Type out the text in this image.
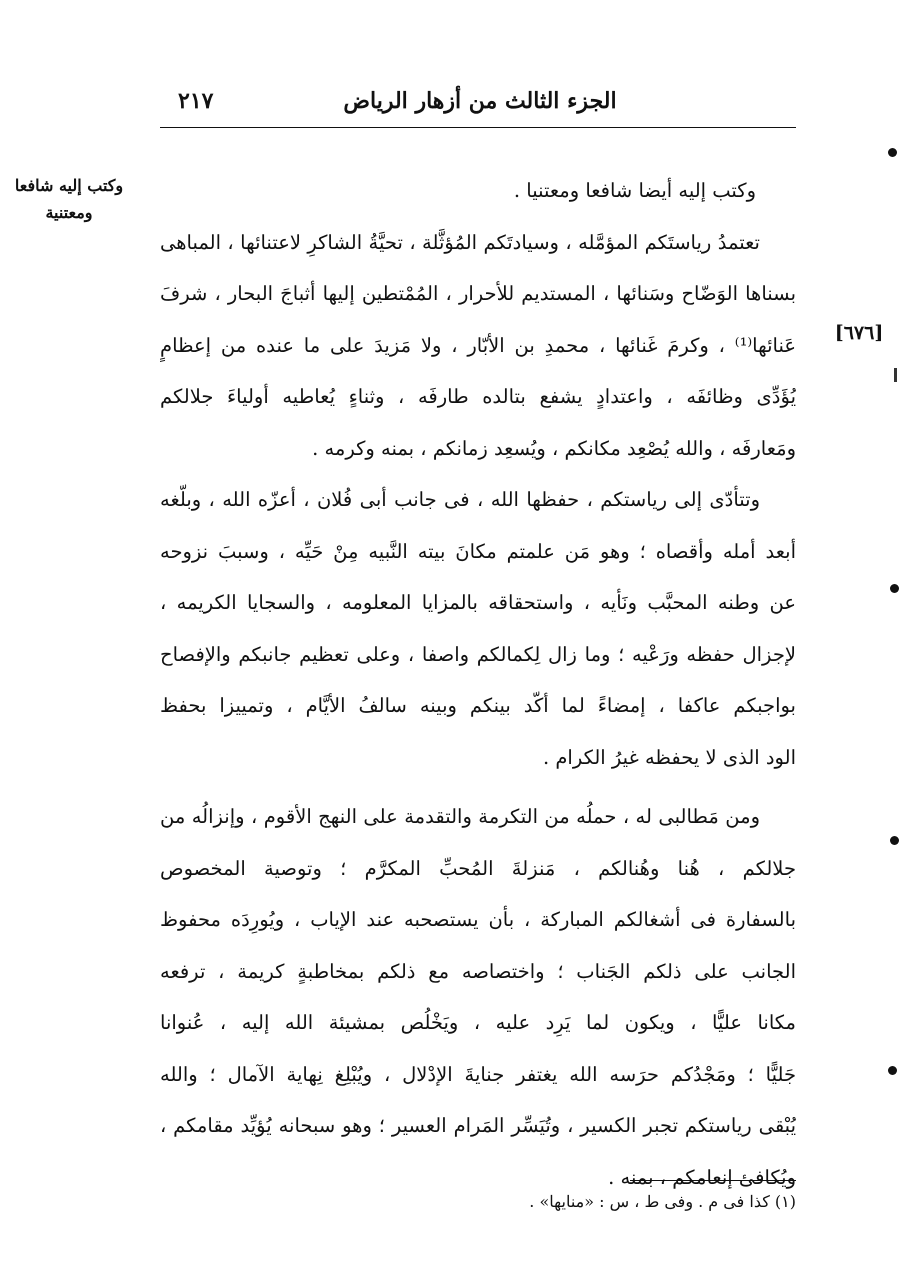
الجزء الثالث من أزهار الرياض
٢١٧
وكتب إليه شافعا ومعتنية
[٦٧٦]
وكتب إليه أيضا شافعا ومعتنيا .
تعتمدُ رياستَكم المؤمَّله ، وسيادتَكم المُؤثَّلة ، تحيَّةُ الشاكرِ لاعتنائها ، المباهى
بسناها الوَضّاح وسَنائها ، المستديم للأحرار ، المُمْتطين إليها أثباجَ البحار ، شرفَ
عَنائها⁽¹⁾ ، وكرمَ غَنائها ، محمدِ بن الأبّار ، ولا مَزيدَ على ما عنده من إعظامٍ
يُؤَدِّى وظائفَه ، واعتدادٍ يشفع بتالده طارفَه ، وثناءٍ يُعاطيه أولياءَ جلالكم
ومَعارفَه ، والله يُصْعِد مكانكم ، ويُسعِد زمانكم ، بمنه وكرمه .
وتتأدّى إلى رياستكم ، حفظها الله ، فى جانب أبى فُلان ، أعزّه الله ، وبلّغه
أبعد أمله وأقصاه ؛ وهو مَن علمتم مكانَ بيته النَّبيه مِنْ حَيِّه ، وسببَ نزوحه
عن وطنه المحبَّب ونَأيه ، واستحقاقه بالمزايا المعلومه ، والسجايا الكريمه ،
لإجزال حفظه ورَعْيه ؛ وما زال لِكمالكم واصفا ، وعلى تعظيم جانبكم والإفصاح
بواجبكم عاكفا ، إمضاءً لما أكّد بينكم وبينه سالفُ الأيَّام ، وتمييزا بحفظ
الود الذى لا يحفظه غيرُ الكرام .
ومن مَطالبى له ، حملُه من التكرمة والتقدمة على النهج الأقوم ، وإنزالُه من
جلالكم ، هُنا وهُنالكم ، مَنزلةَ المُحبِّ المكرَّم ؛ وتوصية المخصوص
بالسفارة فى أشغالكم المباركة ، بأن يستصحبه عند الإياب ، ويُورِدَه محفوظ
الجانب على ذلكم الجَناب ؛ واختصاصه مع ذلكم بمخاطبةٍ كريمة ، ترفعه
مكانا عليًّا ، ويكون لما يَرِد عليه ، ويَخْلُص بمشيئة الله إليه ، عُنوانا
جَليًّا ؛ ومَجْدُكم حرَسه الله يغتفر جنايةَ الإدْلال ، ويُبْلِغ نِهاية الآمال ؛ والله
يُبْقى رياستكم تجبر الكسير ، وتُيَسِّر المَرام العسير ؛ وهو سبحانه يُؤيِّد مقامكم ،
ويُكافئ إنعامكم ، بمنه .
(١) كذا فى م . وفى ط ، س : «منايها» .
